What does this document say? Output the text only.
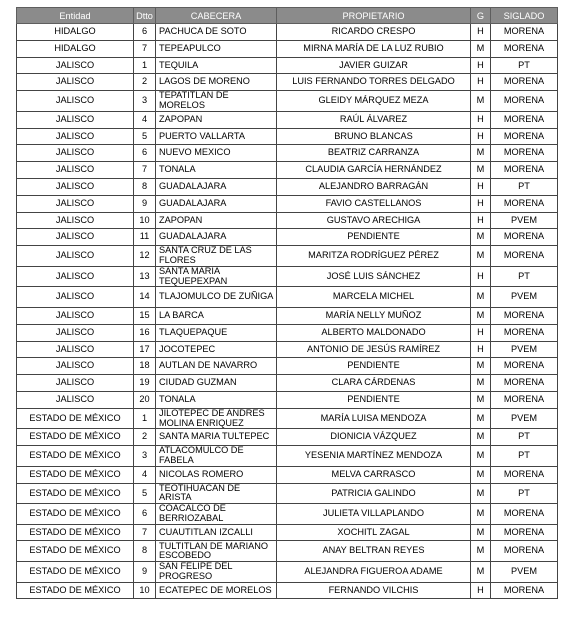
Entidad	Dtto	CABECERA	PROPIETARIO	G	SIGLADO
HIDALGO	6	PACHUCA DE SOTO	RICARDO CRESPO	H	MORENA
HIDALGO	7	TEPEAPULCO	MIRNA MARÍA DE LA LUZ RUBIO	M	MORENA
JALISCO	1	TEQUILA	JAVIER GUIZAR	H	PT
JALISCO	2	LAGOS DE MORENO	LUIS FERNANDO TORRES DELGADO	H	MORENA
JALISCO	3	TEPATITLAN DE MORELOS	GLEIDY MÁRQUEZ MEZA	M	MORENA
JALISCO	4	ZAPOPAN	RAÚL ÁLVAREZ	H	MORENA
JALISCO	5	PUERTO VALLARTA	BRUNO BLANCAS	H	MORENA
JALISCO	6	NUEVO MEXICO	BEATRIZ CARRANZA	M	MORENA
JALISCO	7	TONALA	CLAUDIA GARCÍA HERNÁNDEZ	M	MORENA
JALISCO	8	GUADALAJARA	ALEJANDRO BARRAGÁN	H	PT
JALISCO	9	GUADALAJARA	FAVIO CASTELLANOS	H	MORENA
JALISCO	10	ZAPOPAN	GUSTAVO ARECHIGA	H	PVEM
JALISCO	11	GUADALAJARA	PENDIENTE	M	MORENA
JALISCO	12	SANTA CRUZ DE LAS FLORES	MARITZA RODRÍGUEZ PÉREZ	M	MORENA
JALISCO	13	SANTA MARIA TEQUEPEXPAN	JOSÉ LUIS SÁNCHEZ	H	PT
JALISCO	14	TLAJOMULCO DE ZUÑIGA	MARCELA MICHEL	M	PVEM
JALISCO	15	LA BARCA	MARÍA NELLY MUÑOZ	M	MORENA
JALISCO	16	TLAQUEPAQUE	ALBERTO MALDONADO	H	MORENA
JALISCO	17	JOCOTEPEC	ANTONIO DE JESÚS RAMÍREZ	H	PVEM
JALISCO	18	AUTLAN DE NAVARRO	PENDIENTE	M	MORENA
JALISCO	19	CIUDAD GUZMAN	CLARA CÁRDENAS	M	MORENA
JALISCO	20	TONALA	PENDIENTE	M	MORENA
ESTADO DE MÉXICO	1	JILOTEPEC DE ANDRES MOLINA ENRIQUEZ	MARÍA LUISA MENDOZA	M	PVEM
ESTADO DE MÉXICO	2	SANTA MARIA TULTEPEC	DIONICIA VÁZQUEZ	M	PT
ESTADO DE MÉXICO	3	ATLACOMULCO DE FABELA	YESENIA MARTÍNEZ MENDOZA	M	PT
ESTADO DE MÉXICO	4	NICOLAS ROMERO	MELVA CARRASCO	M	MORENA
ESTADO DE MÉXICO	5	TEOTIHUACAN DE ARISTA	PATRICIA GALINDO	M	PT
ESTADO DE MÉXICO	6	COACALCO DE BERRIOZABAL	JULIETA VILLAPLANDO	M	MORENA
ESTADO DE MÉXICO	7	CUAUTITLAN IZCALLI	XOCHITL ZAGAL	M	MORENA
ESTADO DE MÉXICO	8	TULTITLAN DE MARIANO ESCOBEDO	ANAY BELTRAN REYES	M	MORENA
ESTADO DE MÉXICO	9	SAN FELIPE DEL PROGRESO	ALEJANDRA FIGUEROA ADAME	M	PVEM
ESTADO DE MÉXICO	10	ECATEPEC DE MORELOS	FERNANDO VILCHIS	H	MORENA
